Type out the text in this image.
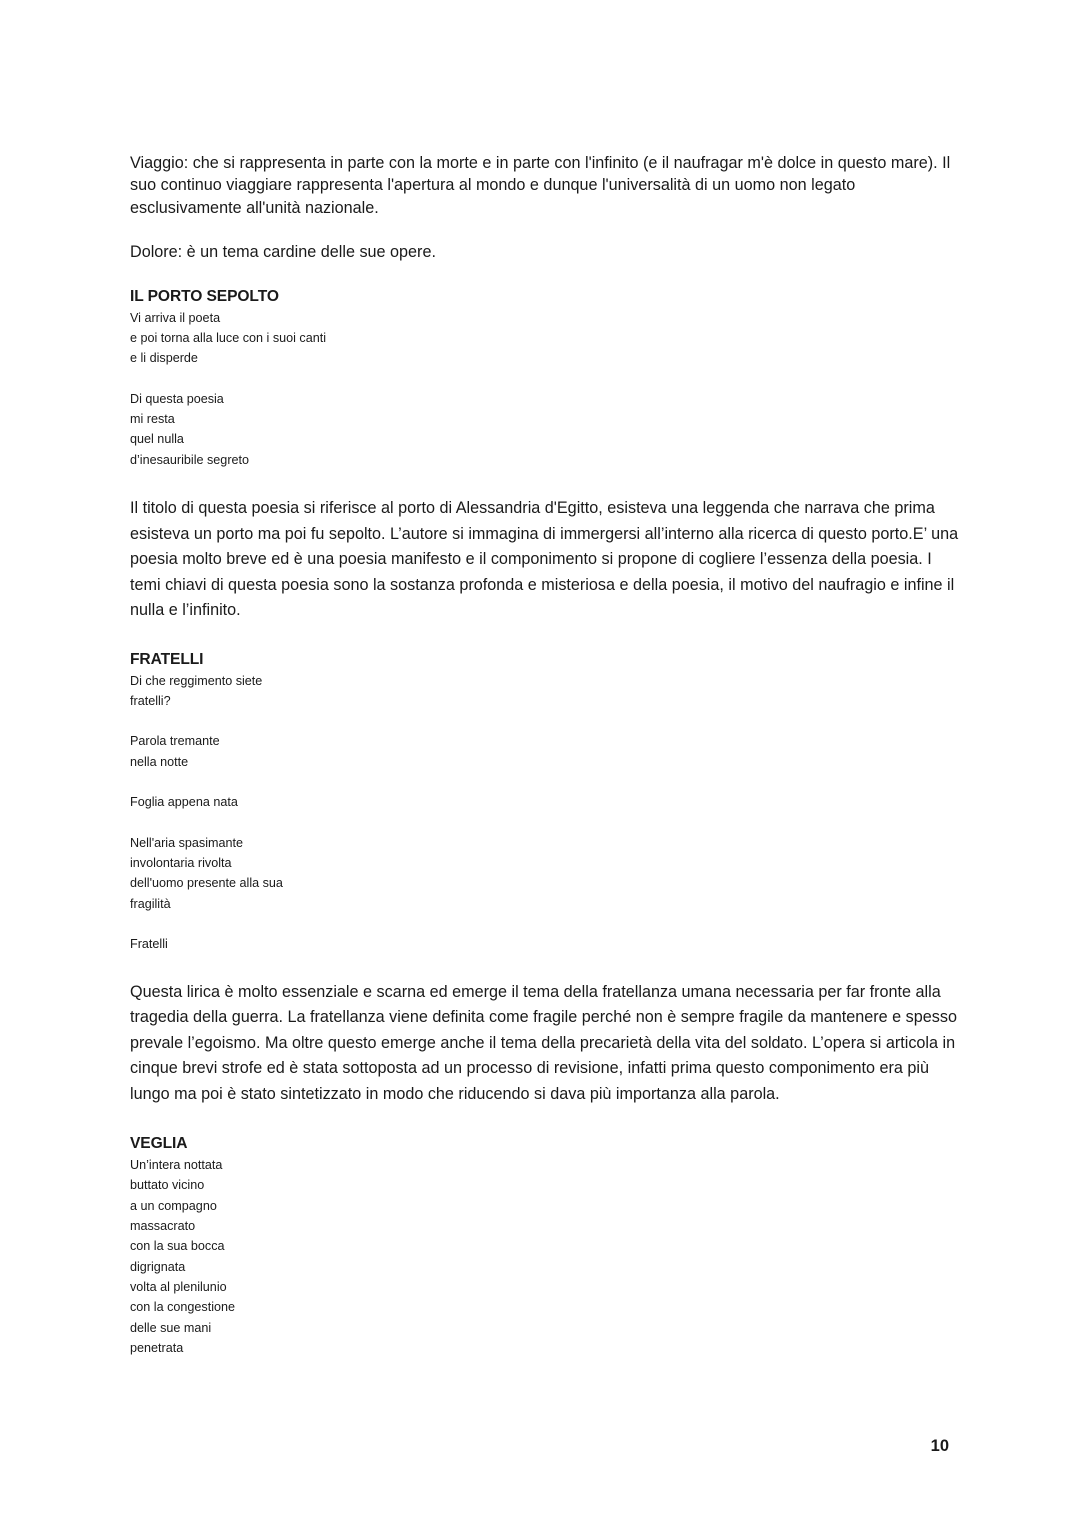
Viaggio: che si rappresenta in parte con la morte e in parte con l'infinito (e il naufragar m'è dolce in questo mare). Il suo continuo viaggiare rappresenta l'apertura al mondo e dunque l'universalità di un uomo non legato esclusivamente all'unità nazionale.

Dolore: è un tema cardine delle sue opere.

IL PORTO SEPOLTO
Vi arriva il poeta
e poi torna alla luce con i suoi canti
e li disperde
Di questa poesia
mi resta
quel nulla
d’inesauribile segreto

Il titolo di questa poesia si riferisce al porto di Alessandria d'Egitto, esisteva una leggenda che narrava che prima esisteva un porto ma poi fu sepolto. L’autore si immagina di immergersi all’interno alla ricerca di questo porto.E’ una poesia molto breve ed è una poesia manifesto e il componimento si propone di cogliere l’essenza della poesia. I temi chiavi di questa poesia sono la sostanza profonda e misteriosa e della poesia, il motivo del naufragio e infine il nulla e l’infinito.

FRATELLI
Di che reggimento siete
fratelli?
Parola tremante
nella notte
Foglia appena nata
Nell'aria spasimante
involontaria rivolta
dell'uomo presente alla sua
fragilità
Fratelli

Questa lirica è molto essenziale e scarna ed emerge il tema della fratellanza umana necessaria per far fronte alla tragedia della guerra. La fratellanza viene definita come fragile perché non è sempre fragile da mantenere e spesso prevale l’egoismo. Ma oltre questo emerge anche il tema della precarietà della vita del soldato. L’opera si articola in cinque brevi strofe ed è stata sottoposta ad un processo di revisione, infatti prima questo componimento era più lungo ma poi è stato sintetizzato in modo che riducendo si dava più importanza alla parola.

VEGLIA
Un’intera nottata
buttato vicino
a un compagno
massacrato
con la sua bocca
digrignata
volta al plenilunio
con la congestione
delle sue mani
penetrata
10
